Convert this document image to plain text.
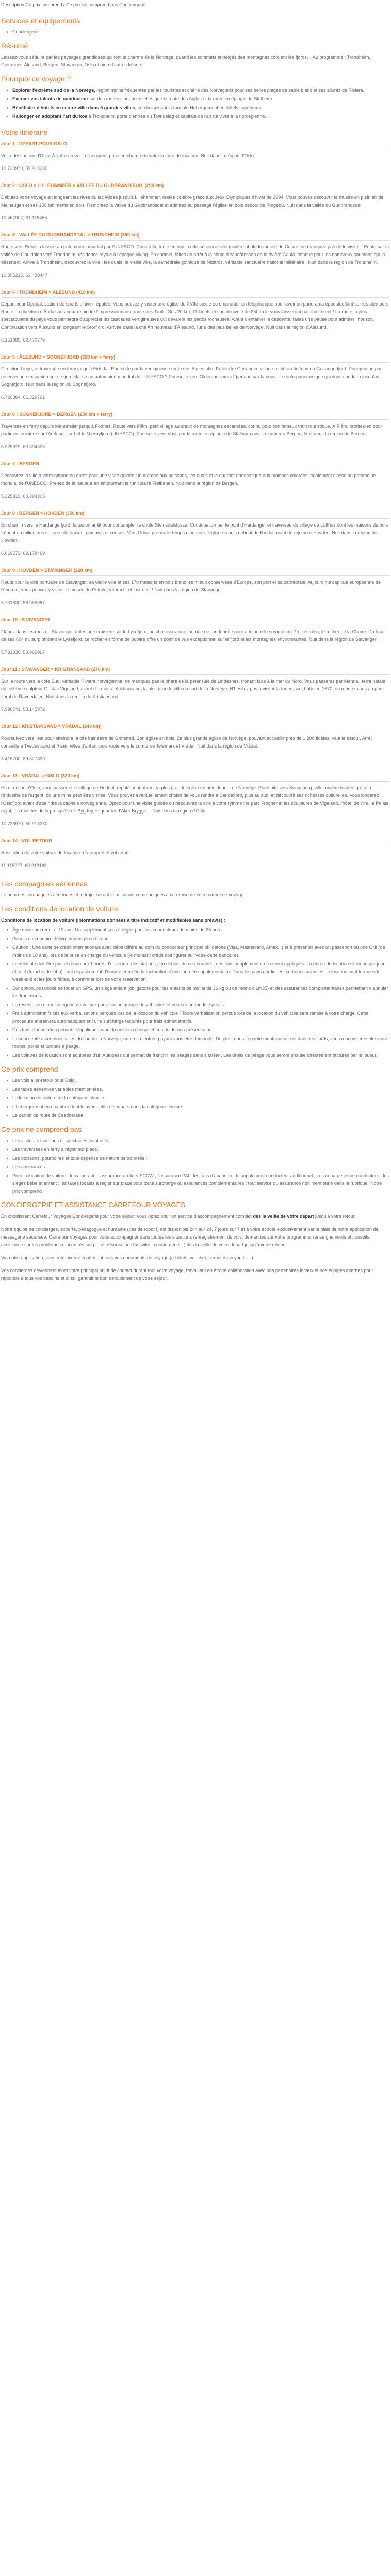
Description Ce prix comprend / Ce prix ne comprend pas Conciergerie
Services et équipements
Conciergerie
Résumé

Laissez-vous séduire par les paysages grandioses qui font le charme de la Norvège, quand les sommets enneigés des montagnes côtoient les fjords… Au programme : Trondheim, Geiranger, Ålesund, Bergen, Stavanger, Oslo et bien d'autres trésors.

Pourquoi ce voyage ?
Explorer l'extrême sud de la Norvège, région moins fréquentée par les touristes et chérie des Norvégiens pour ses belles plages de sable blanc et ses allures de Riviera.
Exercer vos talents de conducteur sur des routes sinueuses telles que la route des Aigles et la route en épingle de Stalheim.
Bénéficiez d'hôtels en centre-ville dans 5 grandes villes, en choisissant la formule Hébergement en hôtels supérieurs.
Rallonger en adoptant l'art du koa à Trondheim, porte d'entrée du Trøndelag et capitale de l'art de vivre à la norvégienne.
Votre itinéraire
Jour 1 : DÉPART POUR OSLO

Vol à destination d'Oslo. À votre arrivée à l'aéroport, prise en charge de votre voiture de location. Nuit dans la région d'Oslo.

10.738970, 59.913330
Jour 2 : OSLO > LILLEHAMMER > VALLÉE DU GUDBRANDSDAL (290 km)

Débutez votre voyage en longeant les rives du lac Mjøsa jusqu'à Lillehammer, restée célèbre grâce aux Jeux Olympiques d'hiver de 1994. Vous pouvez découvrir le musée en plein air de Maihaugen et ses 150 bâtiments en bois. Remontez la vallée du Gudbrandsdal et admirez au passage l'église en bois debout de Ringebu. Nuit dans la vallée du Gudbrandsdal.

10.467007, 61.115455
Jour 3 : VALLÉE DU GUDBRANDSDAL > TRONDHEIM (380 km)

Route vers Røros, classée au patrimoine mondial par l'UNESCO. Construite toute en bois, cette ancienne ville minière abrite le musée du Cuivre, ne manquez pas de le visiter ! Route par la vallée de Gauldalen vers Trondheim, résidence royale à l'époque viking. En chemin, faites un arrêt à la chute d'eaugåfossen de la rivière Gaula, connue pour les nombreux saumons qui la désertent. Arrivé à Trondheim, découvrez la ville : les quais, la vieille ville, la cathédrale gothique de Nidaros, véritable sanctuaire national millénaire ! Nuit dans la région de Trondheim.

10.395215, 63.430447
Jour 4 : TRONDHEIM > ÅLESUND (410 km)

Départ pour Oppdal, station de sports d'hiver réputée. Vous pouvez y visiter une église du XVIIe siècle ou emprunter un téléphérique pour avoir un panorama époustouflant sur les alentours. Route en direction d'Åndalsnes pour rejoindre l'impressionnante route des Trolls. Ses 20 km, 11 lacets et son dénivelé de 850 m le vous laisseront pas indifférent ! La route la plus spectaculaire du pays vous permettra d'apprécier les cascades vertigineuses qui dévalent les parois rocheuses. Avant d'entamer la descente, faites une pause pour admirer l'horizon. Continuation vers Ålesund en longeant le Storfjord. Arrivée dans la cité Art nouveau d'Ålesund, l'une des plus belles de Norvège. Nuit dans la région d'Ålesund.

6.151085, 62.470779
Jour 5 : ÅLESUND > SOGNEFJORD (320 km + ferry)

Direction Linge, et traversée en ferry jusqu'à Eidsdal. Poursuite par la vertigineuse route des Aigles afin d'atteindre Geiranger, village niché au fin fond du Geirangerfjord. Pourquoi ne pas réserver une excursion sur ce fjord classé au patrimoine mondial de l'UNESCO ? Poursuite vers Olden puis vers Fjærland par la nouvelle route panoramique qui vous conduira jusqu'au Sognefjord. Nuit dans la région du Sognefjord.

6.720364, 61.329791
Jour 6 : SOGNEFJORD > BERGEN (250 km + ferry)

Traversée en ferry depuis Mannheller jusqu'à Fodnes. Route vers Flåm, petit village au creux de montagnes escarpées, connu pour son fameux train touristique. À Flåm, profitez-en pour partir en croisière sur l'Aurlandsfjord et le Nærøyfjord (UNESCO). Poursuite vers Voss par la route en épingle de Stalheim avant d'arriver à Bergen. Nuit dans la région de Bergen.

5.325919, 60.394305
Jour 7 : BERGEN

Découvrez la ville à votre rythme ou optez pour une visite guidée : le marché aux poissons, les quais et le quartier hanséatique aux maisons colorées, également classé au patrimoine mondial de l'UNESCO. Prenez de la hauteur en empruntant le funiculaire Fløibanen. Nuit dans la région de Bergen.

5.325919, 60.394305
Jour 8 : BERGEN > HOVDEN (350 km)

En chemin vers le Hardangerfjord, faites un arrêt pour contempler la chute Steinsdalsfossa. Continuation par le pont d'Hardanger et traversée du village de Lofthus dont les maisons de bois trônent au milieu des cultures de fraises, pommes et cerises. Vers Odda, prenez le temps d'admirer l'église en bois debout de Røldal avant de rejoindre Hovden. Nuit dans la région de Hovden.

6.069573, 62.178469
Jour 9 : HOVDEN > STAVANGER (220 km)

Route pour la ville portuaire de Stavanger, sa vieille ville et ses 170 maisons en bois blanc les mieux conservées d'Europe, son port et sa cathédrale. Aujourd'hui capitale européenne de l'énergie, vous pouvez y visiter le musée du Pétrole, interactif et instructif ! Nuit dans la région de Stavanger.

5.731830, 58.969967
Jour 10 : STAVANGER

Flânez dans les rues de Stavanger, faites une croisière sur le Lysefjord, ou choisissez une journée de randonnée pour atteindre le sommet du Preikestolen, le rocher de la Chaire. Du haut de ses 604 m, surplombant le Lysefjord, ce rocher en forme de pupitre offre un point de vue exceptionnel sur le fjord et les montagnes environnantes. Nuit dans la région de Stavanger.

5.731830, 58.969967
Jour 11 : STAVANGER > KRISTIANSAND (270 km)

Sur la route vers la côte Sud, véritable Riviera norvégienne, ne manquez pas le phare de la péninsule de Lindesnes, trônant face à la mer du Nord. Vous passerez par Mandal, terre natale du célèbre sculpteur Gustav Vigeland, avant d'arriver à Kristiansand, la plus grande ville du sud de la Norvège. N'hésitez pas à visiter la forteresse, bâtie en 1670, ou rendez-vous au parc floral de Ravnedalen. Nuit dans la région de Kristiansand.

7.998741, 58.145972
Jour 12 : KRISTIANSAND > VRÅDAL (240 km)

Poursuivez vers l'est pour atteindre la cité balnéaire de Grimstad. Son église en bois, 2e plus grande église de Norvège, pouvant accueillir près de 1 200 fidèles, vaut le détour. Arrêt conseillé à Tvedestrand et Risør, villes d'antan, puis route vers le comté de Telemark et Vrådal. Nuit dans la région de Vrådal.

8.415700, 59.327829
Jour 13 : VRÅDAL > OSLO (320 km)

En direction d'Oslo, vous passerez le village de Heddal, réputé pour abriter la plus grande église en bois debout de Norvège. Poursuite vers Kongsberg, ville minière fondée grâce à l'industrie de l'argent, où une mine peut être visitée. Vous pouvez éventuellement choisir de vous rendre à Sandefjord, plus au sud, et découvrir ses richesses culturelles. Vous longerez l'Oslofjord avant d'atteindre la capitale norvégienne. Optez pour une visite guidée ou découvrez la ville à votre rythme : le parc Frogner et les sculptures de Vigeland, l'hôtel de ville, le Palais royal, les musées de la presqu'île de Bygdøy, le quartier d'Aker Brygge… Nuit dans la région d'Oslo.

10.738970, 59.913330
Jour 14 : VOL RETOUR

Restitution de votre voiture de location à l'aéroport et vol retour.

11.115227, 60.213163
Les compagnies aériennes

Le nom des compagnies aériennes et le trajet seront vous seront communiqués à la remise de votre carnet de voyage

Les conditions de location de voiture

Conditions de location de voiture (informations données à titre indicatif et modifiables sans préavis) :

Âge minimum requis : 19 ans. Un supplément sera à régler pour les conducteurs de moins de 25 ans.
Permis de conduire délivré depuis plus d'un an.
Caution : Une carte de crédit internationale avec débit différé au nom du conducteur principal obligatoire (Visa, Mastercard, Amex...) et à présenter avec un passeport ou une CNI (de moins de 10 ans) lors de la prise en charge du véhicule (le montant crédit doit figurer sur votre carte bancaire).
Le véhicule doit être pris et rendu aux heures d'ouverture des stations ; en dehors de ces horaires, des frais supplémentaires seront appliqués. La durée de location s'entend par jour effectif (tranche de 24 h), tout dépassement d'horaire entraîne la facturation d'une journée supplémentaire. Dans les pays nordiques, certaines agences de location sont fermées le week-end et les jours fériés, à confirmer lors de votre réservation.
Sur option, possibilité de louer un GPS, un siège enfant (obligatoire pour les enfants de moins de 36 kg ou de moins d'1m35) et des assurances complémentaires permettant d'annuler les franchises.
La réservation d'une catégorie de voiture porte sur un groupe de véhicules et non sur un modèle précis.
Frais administratifs liés aux verbalisations perçues lors de la location du véhicule : Toute verbalisation perçue lors de la location du véhicule sera remise à votre charge. Cette procédure entraînera automatiquement une surcharge facturée pour frais administratifs.
Des frais d'annulation peuvent s'appliquer avant la prise en charge et en cas de non-présentation.
Il est accepté à certaines villes du sud de la Norvège, un droit d'entrée payant vous être demandé. De plus, dans le partie montagneuse et dans les fjords, vous rencontrerez plusieurs routes, ponts et tunnels à péage.
Les voitures de location sont équipées d'un Autopass qui permet de franchir les péages sans s'arrêter. Les droits de péage vous seront ensuite directement facturés par le loueur.
Ce prix comprend
Les vols aller-retour pour Oslo.
Les taxes aériennes variables mentionnées.
La location de voiture de la catégorie choisie.
L'hébergement en chambre double avec petits déjeuners dans la catégorie choisie.
Le carnet de route de Ceetinéraire.
Ce prix ne comprend pas
Les visites, excursions et spectacles facultatifs ;
Les traversées en ferry à régler sur place.
Les boissons, pourboires et tous dépense de nature personnelle ;
Les assurances.
Pour la location de voiture : le carburant ; l'assurance au tiers SCDW ; l'assurance PAI ; les frais d'abandon ; le supplément conducteur additionnel ; la surcharge jeune conducteur ; les sièges bébé et enfant ; les taxes locales à régler sur place pour toute surcharge ou assurances complémentaires ; tout service ou assurance non mentionné dans la rubrique "Notre prix comprend".
CONCIERGERIE ET ASSISTANCE CARREFOUR VOYAGES

En choisissant Carrefour Voyages Conciergerie pour votre séjour, vous optez pour un service d'accompagnement complet dès la veille de votre départ jusqu'à votre retour.

Notre équipe de concierges, experte, pédagogue et humaine (pas de robot !) est disponible 24h sur 24, 7 jours sur 7 et à votre écoute exclusivement par le biais de notre application de messagerie sécurisée. Carrefour Voyages pour vous accompagner dans toutes les situations (enregistrement de vols, demandes sur votre programme, renseignements et conseils, assistance sur les problèmes rencontrés sur place, réservation d'activités, conciergerie…) dès la veille de votre départ jusqu'à votre retour.

Via notre application, vous retrouverez également tous vos documents de voyage (e-billets, voucher, carnet de voyage, …)

Vos concierges deviennent alors votre principal point de contact durant tout votre voyage, travaillant en étroite collaboration avec nos partenaires locaux et nos équipes internes pour répondre à tous vos besoins et ainsi, garantir le bon déroulement de votre séjour.
